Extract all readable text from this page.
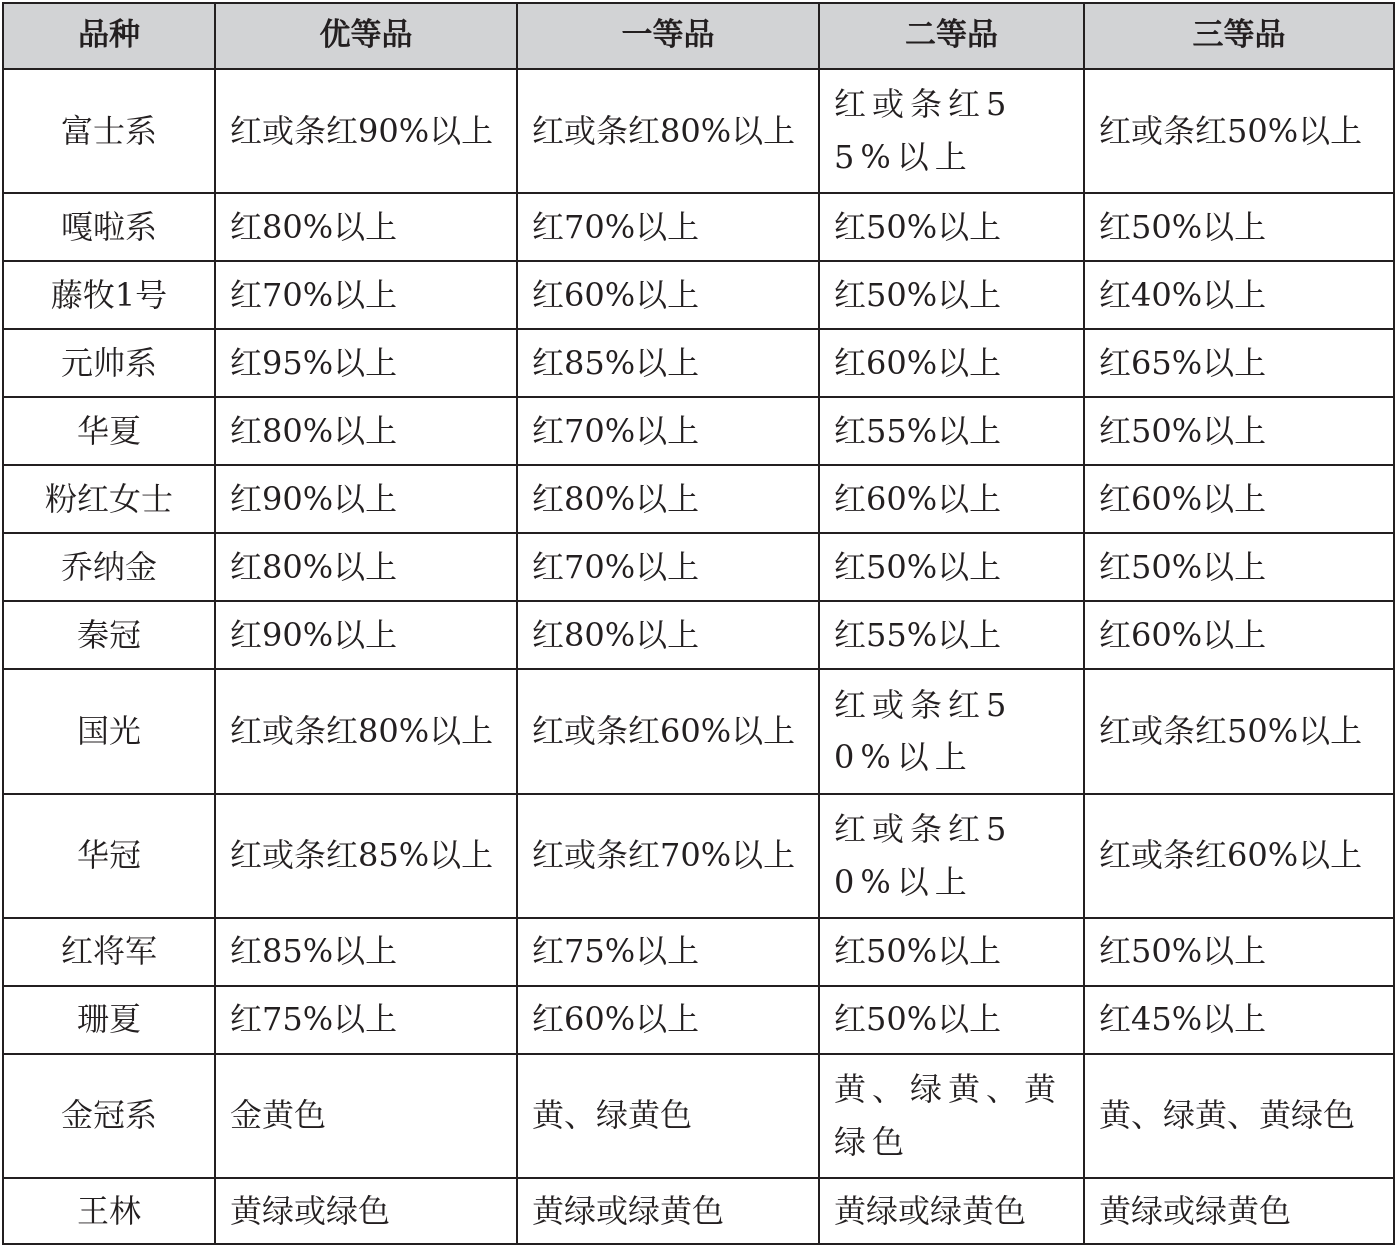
品种	优等品	一等品	二等品	三等品
富士系	红或条红90%以上	红或条红80%以上	红或条红55%以上	红或条红50%以上
嘎啦系	红80%以上	红70%以上	红50%以上	红50%以上
藤牧1号	红70%以上	红60%以上	红50%以上	红40%以上
元帅系	红95%以上	红85%以上	红60%以上	红65%以上
华夏	红80%以上	红70%以上	红55%以上	红50%以上
粉红女士	红90%以上	红80%以上	红60%以上	红60%以上
乔纳金	红80%以上	红70%以上	红50%以上	红50%以上
秦冠	红90%以上	红80%以上	红55%以上	红60%以上
国光	红或条红80%以上	红或条红60%以上	红或条红50%以上	红或条红50%以上
华冠	红或条红85%以上	红或条红70%以上	红或条红50%以上	红或条红60%以上
红将军	红85%以上	红75%以上	红50%以上	红50%以上
珊夏	红75%以上	红60%以上	红50%以上	红45%以上
金冠系	金黄色	黄、绿黄色	黄、绿黄、黄绿色	黄、绿黄、黄绿色
王林	黄绿或绿色	黄绿或绿黄色	黄绿或绿黄色	黄绿或绿黄色
